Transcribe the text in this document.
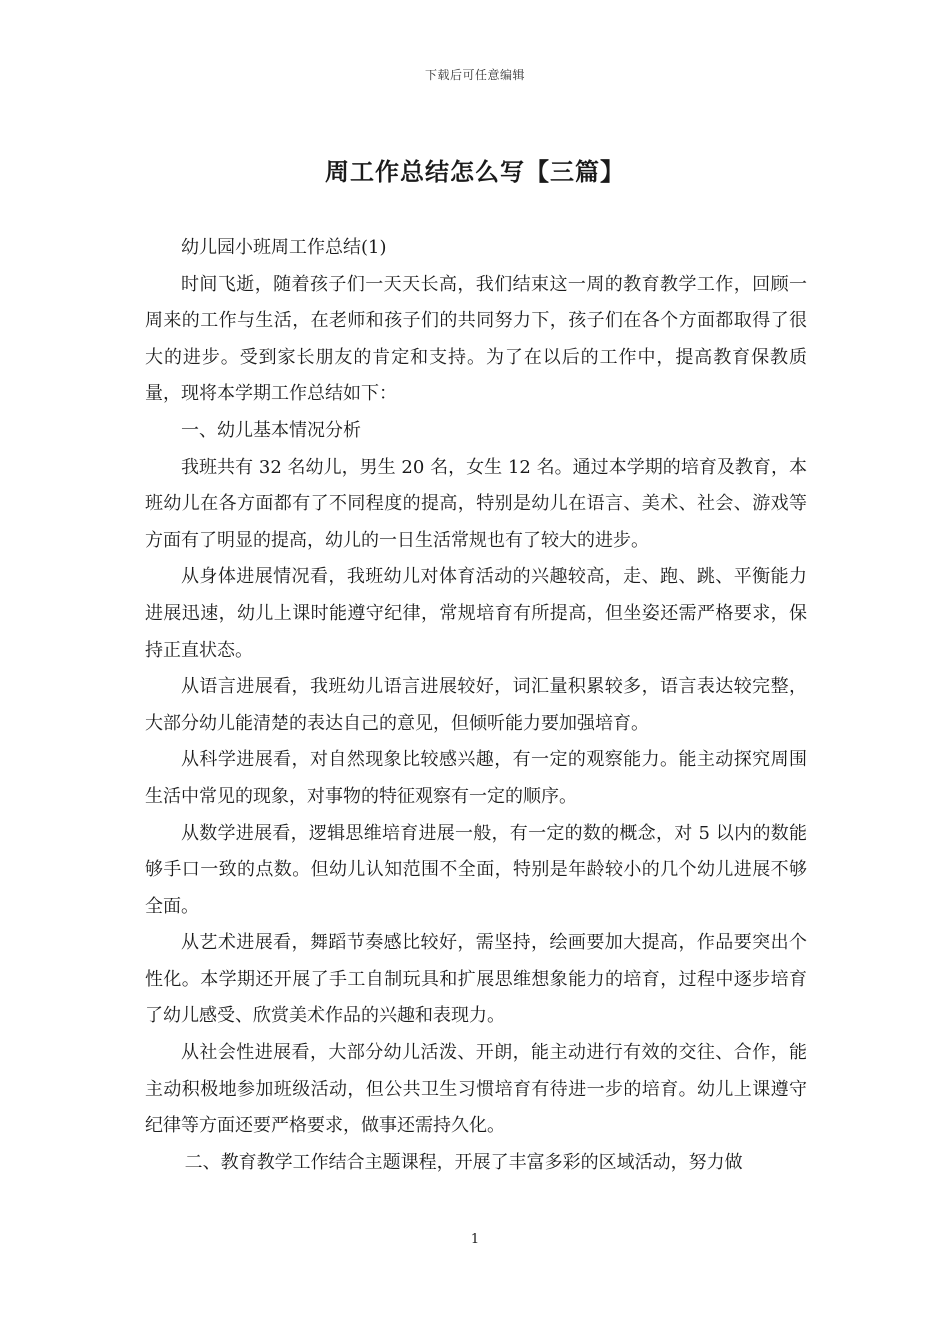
下载后可任意编辑
周工作总结怎么写【三篇】

幼儿园小班周工作总结(1)

时间飞逝，随着孩子们一天天长高，我们结束这一周的教育教学工作，回顾一周来的工作与生活，在老师和孩子们的共同努力下，孩子们在各个方面都取得了很大的进步。受到家长朋友的肯定和支持。为了在以后的工作中，提高教育保教质量，现将本学期工作总结如下：

一、幼儿基本情况分析

我班共有 32 名幼儿，男生 20 名，女生 12 名。通过本学期的培育及教育，本班幼儿在各方面都有了不同程度的提高，特别是幼儿在语言、美术、社会、游戏等方面有了明显的提高，幼儿的一日生活常规也有了较大的进步。

从身体进展情况看，我班幼儿对体育活动的兴趣较高，走、跑、跳、平衡能力进展迅速，幼儿上课时能遵守纪律，常规培育有所提高，但坐姿还需严格要求，保持正直状态。

从语言进展看，我班幼儿语言进展较好，词汇量积累较多，语言表达较完整，大部分幼儿能清楚的表达自己的意见，但倾听能力要加强培育。

从科学进展看，对自然现象比较感兴趣，有一定的观察能力。能主动探究周围生活中常见的现象，对事物的特征观察有一定的顺序。

从数学进展看，逻辑思维培育进展一般，有一定的数的概念，对 5 以内的数能够手口一致的点数。但幼儿认知范围不全面，特别是年龄较小的几个幼儿进展不够全面。

从艺术进展看，舞蹈节奏感比较好，需坚持，绘画要加大提高，作品要突出个性化。本学期还开展了手工自制玩具和扩展思维想象能力的培育，过程中逐步培育了幼儿感受、欣赏美术作品的兴趣和表现力。

从社会性进展看，大部分幼儿活泼、开朗，能主动进行有效的交往、合作，能主动积极地参加班级活动，但公共卫生习惯培育有待进一步的培育。幼儿上课遵守纪律等方面还要严格要求，做事还需持久化。

二、教育教学工作结合主题课程，开展了丰富多彩的区域活动，努力做

1
